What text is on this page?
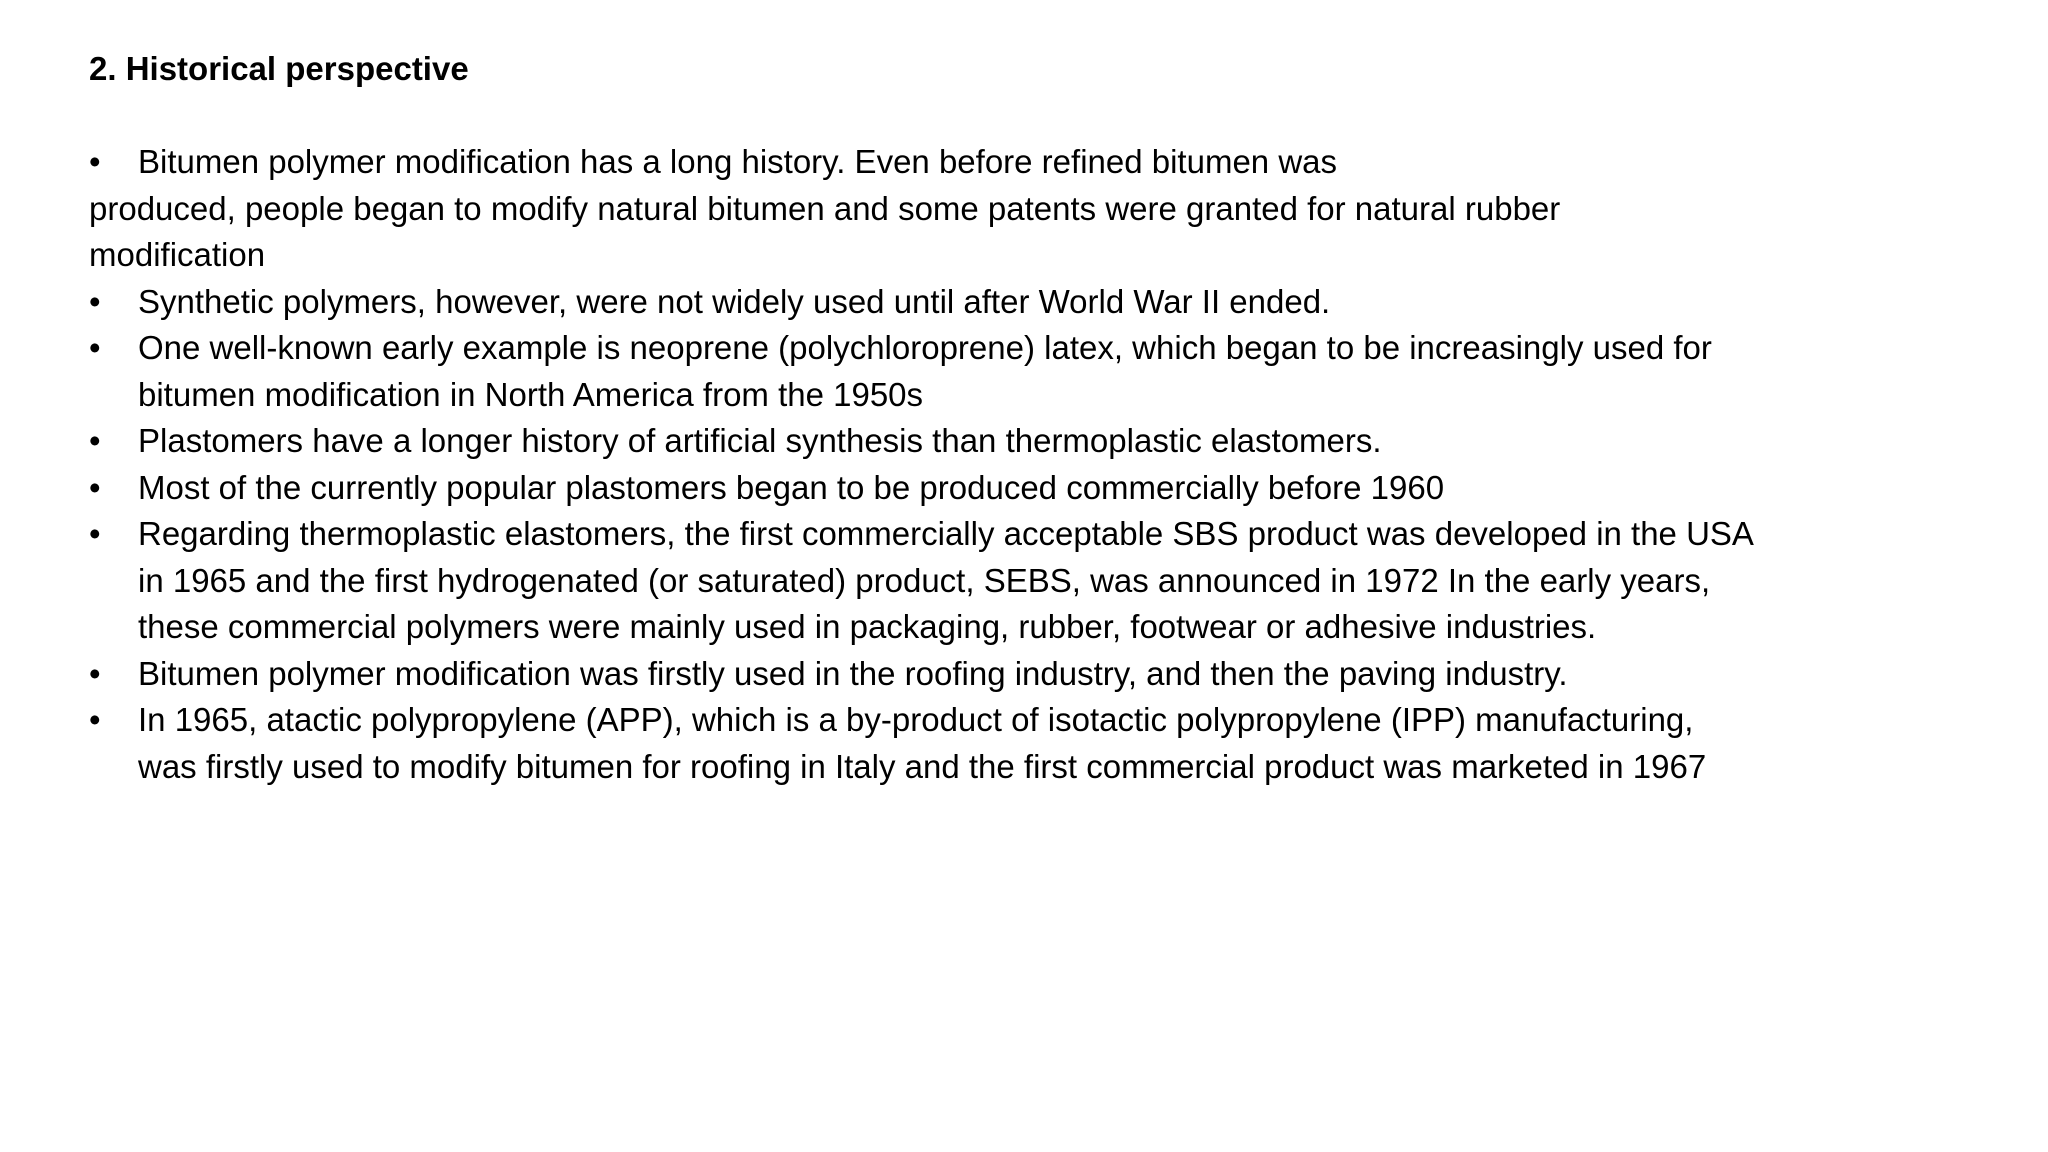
2. Historical perspective
•	Bitumen polymer modification has a long history. Even before refined bitumen was
produced, people began to modify natural bitumen and some patents were granted for natural rubber
modification
• Synthetic polymers, however, were not widely used until after World War II ended.
• One well-known early example is neoprene (polychloroprene) latex, which began to be increasingly used for
bitumen modification in North America from the 1950s
• Plastomers have a longer history of artificial synthesis than thermoplastic elastomers.
• Most of the currently popular plastomers began to be produced commercially before 1960
• Regarding thermoplastic elastomers, the first commercially acceptable SBS product was developed in the USA
in 1965 and the first hydrogenated (or saturated) product, SEBS, was announced in 1972 In the early years,
these commercial polymers were mainly used in packaging, rubber, footwear or adhesive industries.
• Bitumen polymer modification was firstly used in the roofing industry, and then the paving industry.
• In 1965, atactic polypropylene (APP), which is a by-product of isotactic polypropylene (IPP) manufacturing,
was firstly used to modify bitumen for roofing in Italy and the first commercial product was marketed in 1967
